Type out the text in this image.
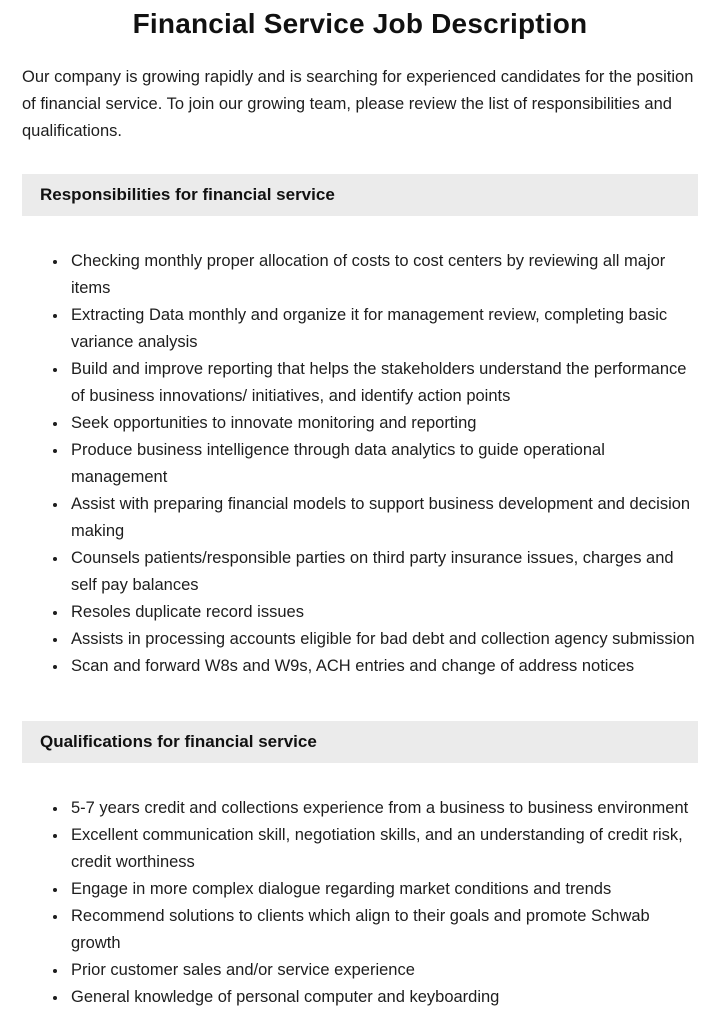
Financial Service Job Description

Our company is growing rapidly and is searching for experienced candidates for the position of financial service. To join our growing team, please review the list of responsibilities and qualifications.

Responsibilities for financial service
• Checking monthly proper allocation of costs to cost centers by reviewing all major items
• Extracting Data monthly and organize it for management review, completing basic variance analysis
• Build and improve reporting that helps the stakeholders understand the performance of business innovations/ initiatives, and identify action points
• Seek opportunities to innovate monitoring and reporting
• Produce business intelligence through data analytics to guide operational management
• Assist with preparing financial models to support business development and decision making
• Counsels patients/responsible parties on third party insurance issues, charges and self pay balances
• Resoles duplicate record issues
• Assists in processing accounts eligible for bad debt and collection agency submission
• Scan and forward W8s and W9s, ACH entries and change of address notices
Qualifications for financial service
• 5-7 years credit and collections experience from a business to business environment
• Excellent communication skill, negotiation skills, and an understanding of credit risk, credit worthiness
• Engage in more complex dialogue regarding market conditions and trends
• Recommend solutions to clients which align to their goals and promote Schwab growth
• Prior customer sales and/or service experience
• General knowledge of personal computer and keyboarding
